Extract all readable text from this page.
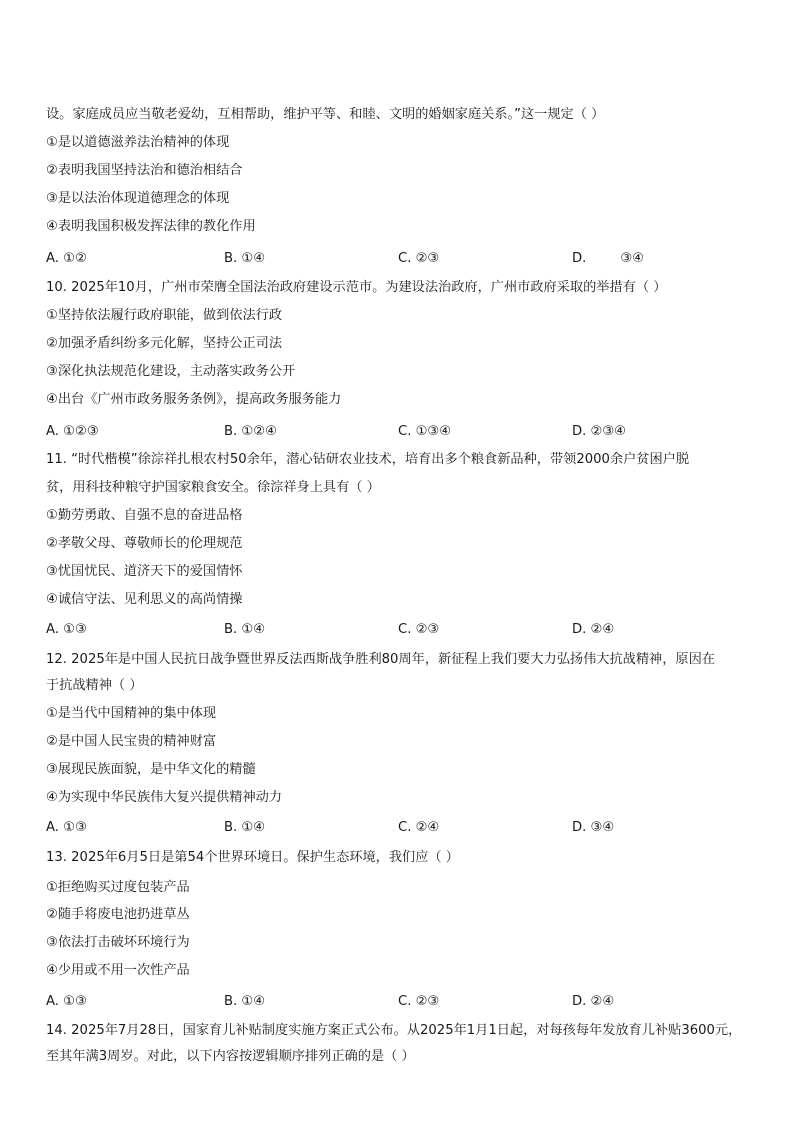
设。家庭成员应当敬老爱幼，互相帮助，维护平等、和睦、文明的婚姻家庭关系。”这一规定（ ）
①是以道德滋养法治精神的体现
②表明我国坚持法治和德治相结合
③是以法治体现道德理念的体现
④表明我国积极发挥法律的教化作用
A. ①②	B. ①④	C. ②③	D.	③④
10. 2025年10月，广州市荣膺全国法治政府建设示范市。为建设法治政府，广州市政府采取的举措有（ ）
①坚持依法履行政府职能，做到依法行政
②加强矛盾纠纷多元化解，坚持公正司法
③深化执法规范化建设，主动落实政务公开
④出台《广州市政务服务条例》，提高政务服务能力
A. ①②③	B. ①②④	C. ①③④	D. ②③④
11. “时代楷模”徐淙祥扎根农村50余年，潜心钻研农业技术，培育出多个粮食新品种，带领2000余户贫困户脱
贫，用科技种粮守护国家粮食安全。徐淙祥身上具有（ ）
①勤劳勇敢、自强不息的奋进品格
②孝敬父母、尊敬师长的伦理规范
③忧国忧民、道济天下的爱国情怀
④诚信守法、见利思义的高尚情操
A. ①③	B. ①④	C. ②③	D. ②④
12. 2025年是中国人民抗日战争暨世界反法西斯战争胜利80周年，新征程上我们要大力弘扬伟大抗战精神，原因在
于抗战精神（ ）
①是当代中国精神的集中体现
②是中国人民宝贵的精神财富
③展现民族面貌，是中华文化的精髓
④为实现中华民族伟大复兴提供精神动力
A. ①③	B. ①④	C. ②④	D. ③④
13. 2025年6月5日是第54个世界环境日。保护生态环境，我们应（ ）
①拒绝购买过度包装产品
②随手将废电池扔进草丛
③依法打击破坏环境行为
④少用或不用一次性产品
A. ①③	B. ①④	C. ②③	D. ②④
14. 2025年7月28日，国家育儿补贴制度实施方案正式公布。从2025年1月1日起，对每孩每年发放育儿补贴3600元，
至其年满3周岁。对此，以下内容按逻辑顺序排列正确的是（ ）
